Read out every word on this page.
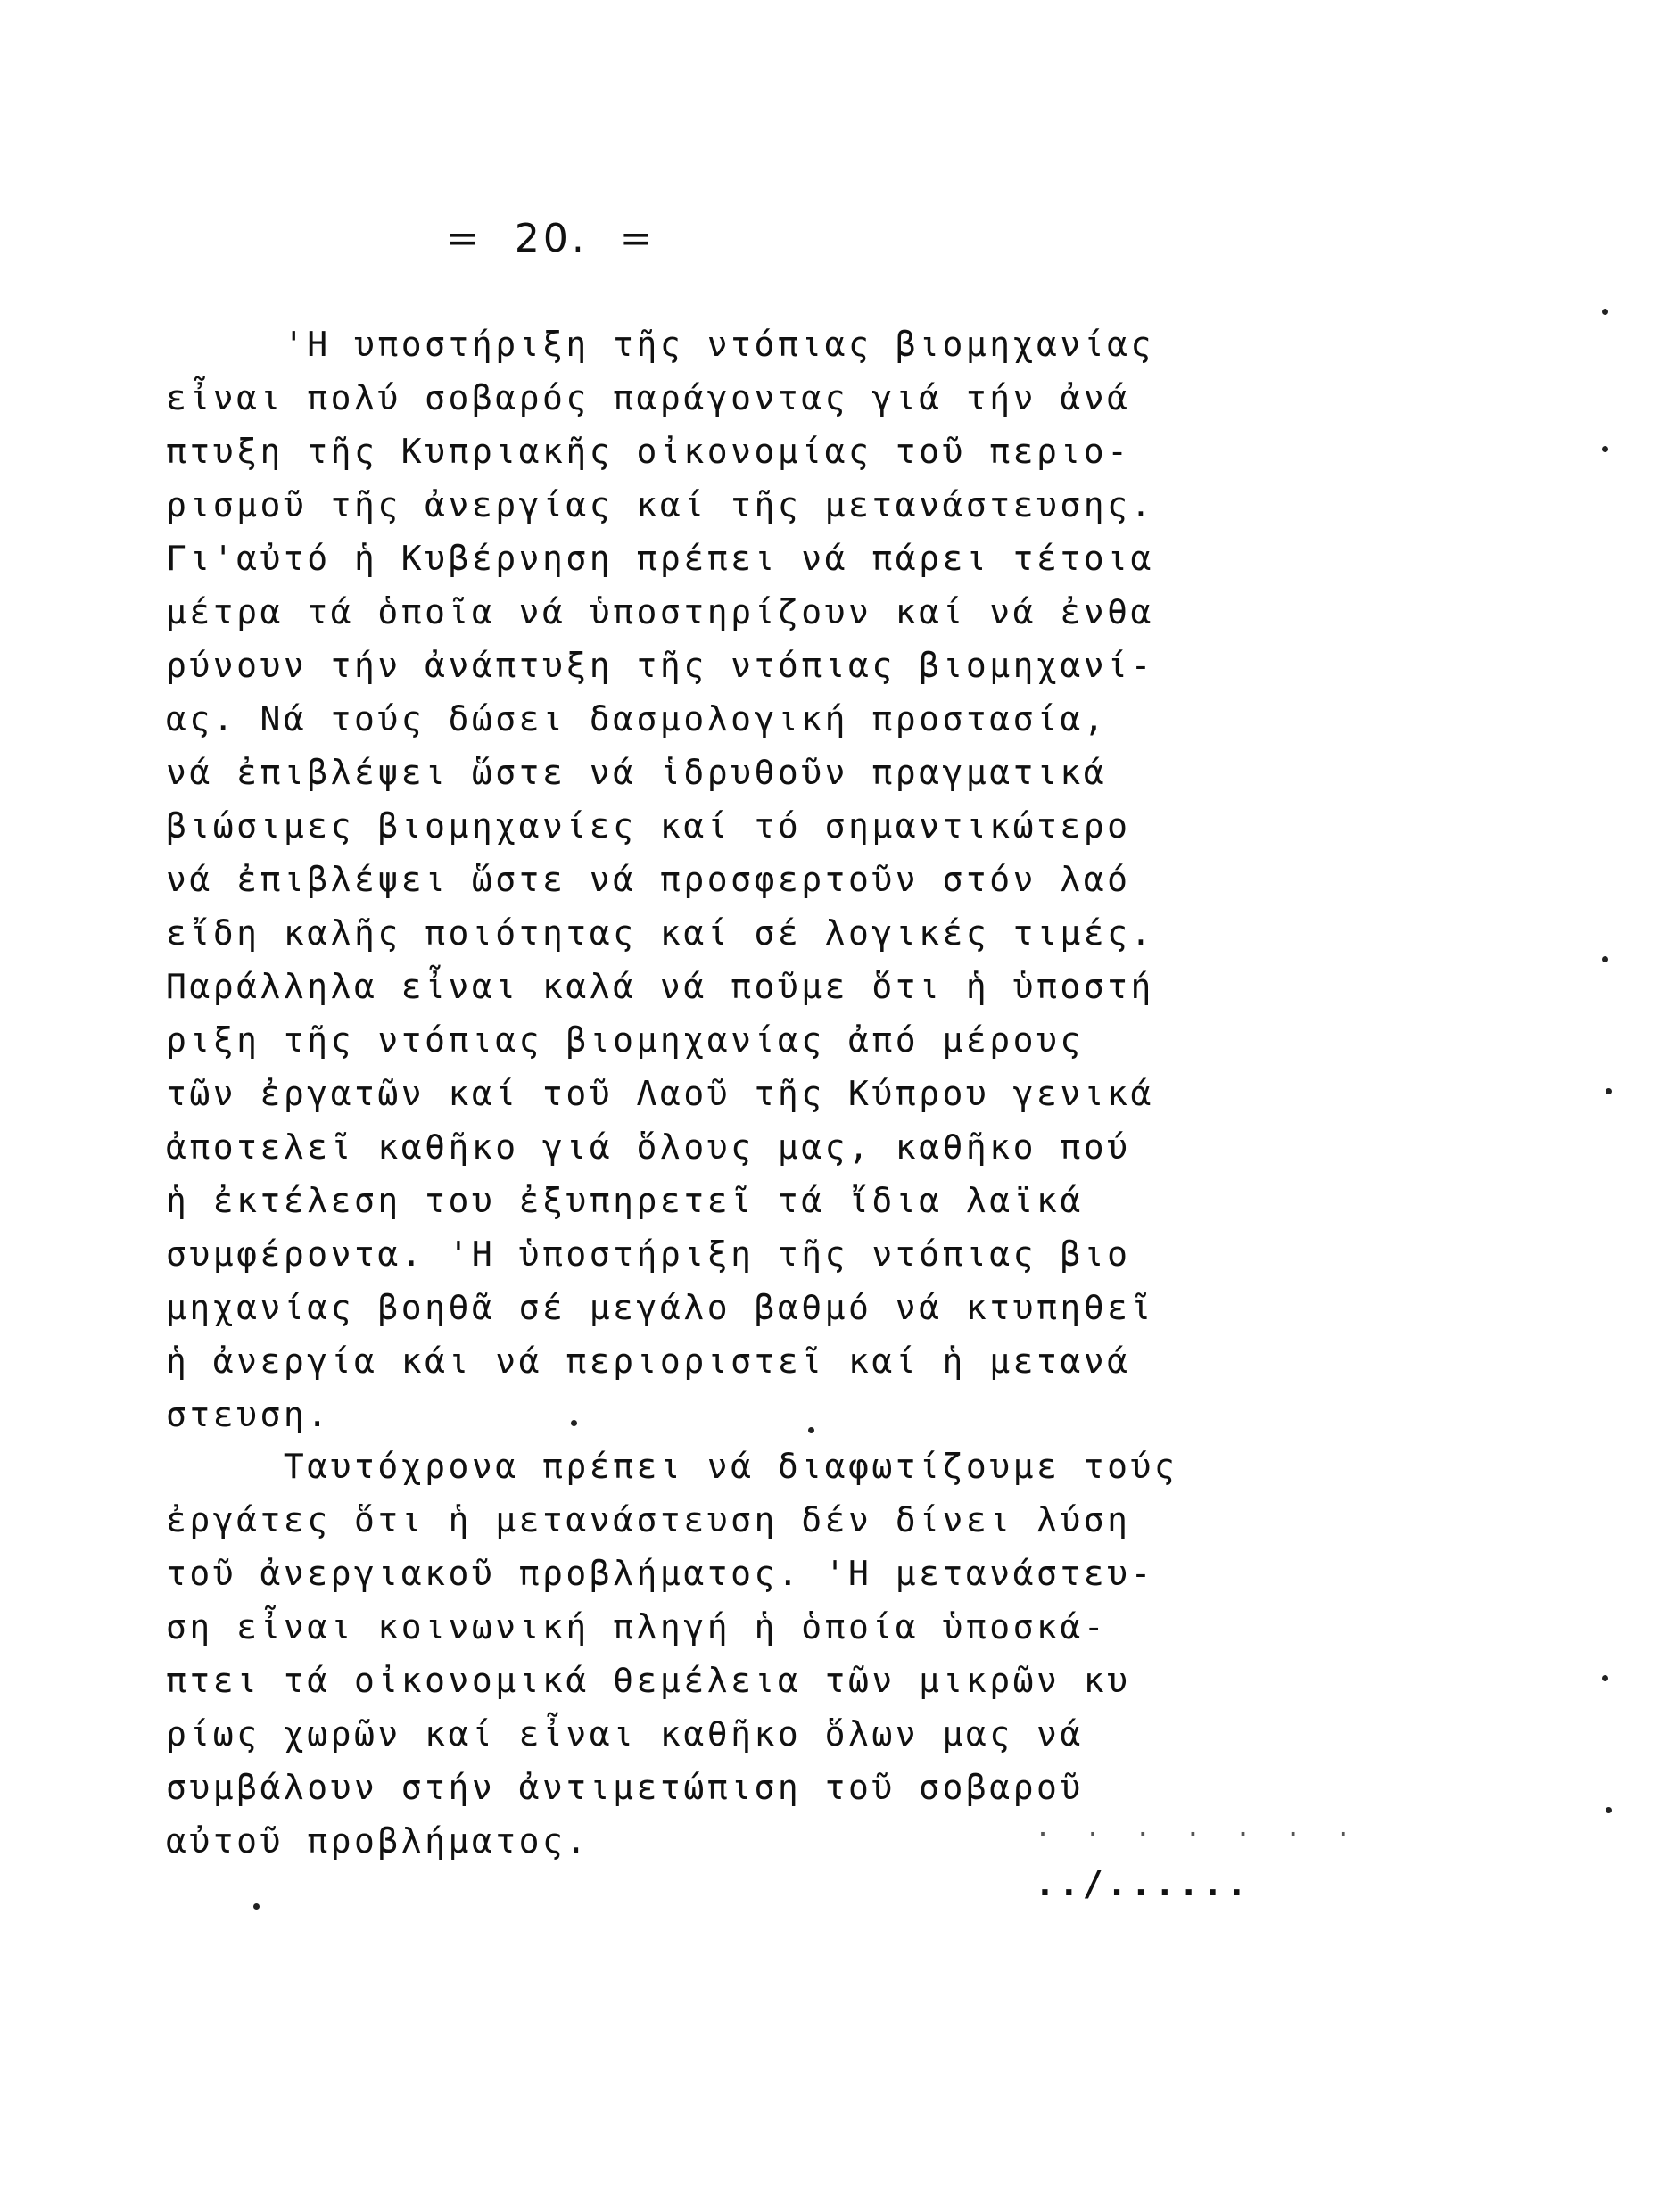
=  20.  =
'Η υποστήριξη τῆς ντόπιας βιομηχανίας
εἶναι πολύ σοβαρός παράγοντας γιά τήν ἀνά
πτυξη τῆς Κυπριακῆς οἰκονομίας τοῦ περιο-
ρισμοῦ τῆς ἀνεργίας καί τῆς μετανάστευσης.
Γι'αὐτό ἡ Κυβέρνηση πρέπει νά πάρει τέτοια
μέτρα τά ὁποῖα νά ὑποστηρίζουν καί νά ἐνθα
ρύνουν τήν ἀνάπτυξη τῆς ντόπιας βιομηχανί-
ας. Νά τούς δώσει δασμολογική προστασία,
νά ἐπιβλέψει ὥστε νά ἱδρυθοῦν πραγματικά
βιώσιμες βιομηχανίες καί τό σημαντικώτερο
νά ἐπιβλέψει ὥστε νά προσφερτοῦν στόν λαό
εἴδη καλῆς ποιότητας καί σέ λογικές τιμές.
Παράλληλα εἶναι καλά νά ποῦμε ὅτι ἡ ὑποστή
ριξη τῆς ντόπιας βιομηχανίας ἀπό μέρους
τῶν ἐργατῶν καί τοῦ Λαοῦ τῆς Κύπρου γενικά
ἀποτελεῖ καθῆκο γιά ὅλους μας, καθῆκο πού
ἡ ἐκτέλεση του ἐξυπηρετεῖ τά ἴδια λαϊκά
συμφέροντα. 'Η ὑποστήριξη τῆς ντόπιας βιο
μηχανίας βοηθᾶ σέ μεγάλο βαθμό νά κτυπηθεῖ
ἡ ἀνεργία κάι νά περιοριστεῖ καί ἡ μετανά
στευση.
Ταυτόχρονα πρέπει νά διαφωτίζουμε τούς
ἐργάτες ὅτι ἡ μετανάστευση δέν δίνει λύση
τοῦ ἀνεργιακοῦ προβλήματος. 'Η μετανάστευ-
ση εἶναι κοινωνική πληγή ἡ ὁποία ὑποσκά-
πτει τά οἰκονομικά θεμέλεια τῶν μικρῶν κυ
ρίως χωρῶν καί εἶναι καθῆκο ὅλων μας νά
συμβάλουν στήν ἀντιμετώπιση τοῦ σοβαροῦ
αὐτοῦ προβλήματος.	· · · · · · ·
../......
